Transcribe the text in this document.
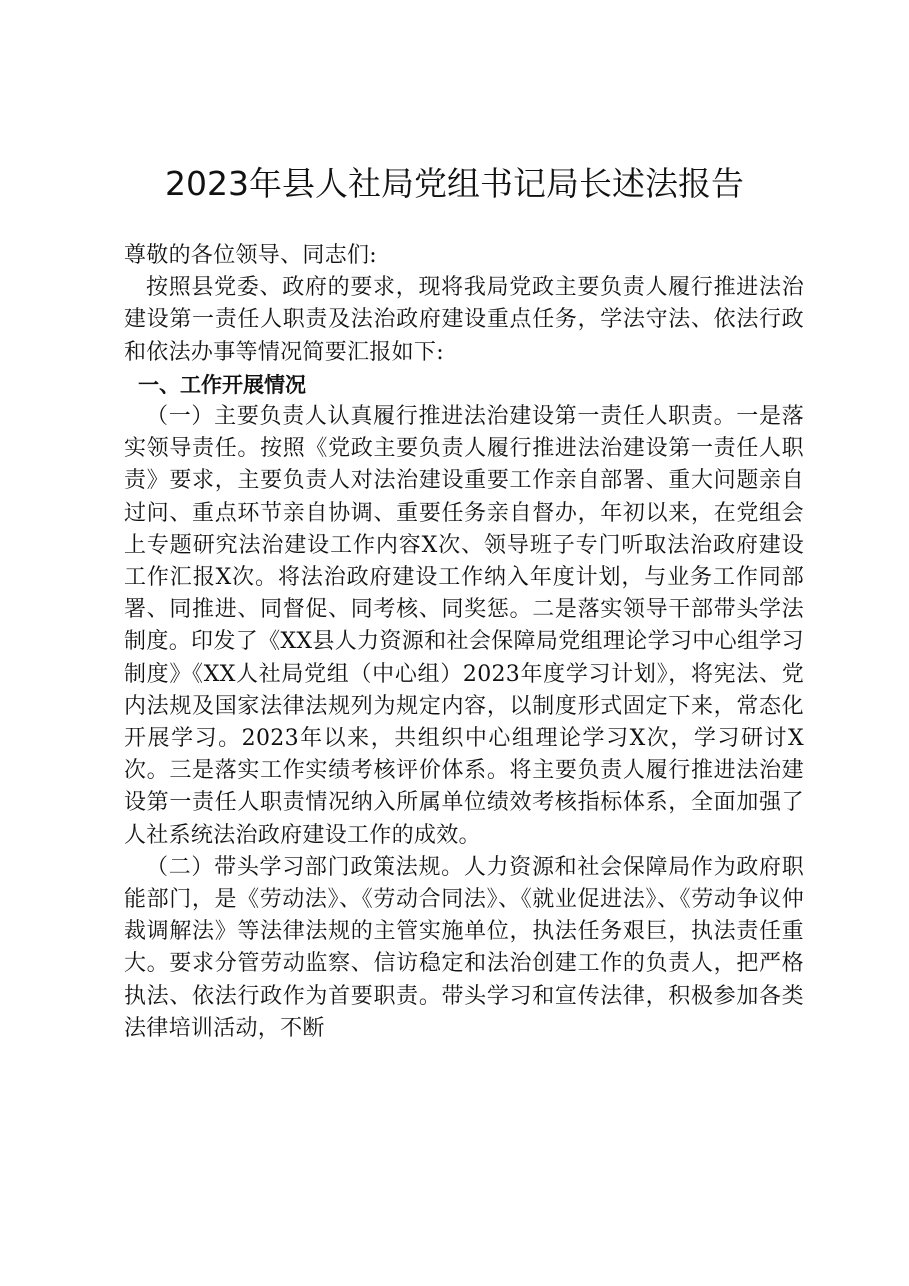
2023年县人社局党组书记局长述法报告

尊敬的各位领导、同志们:

按照县党委、政府的要求，现将我局党政主要负责人履行推进法治建设第一责任人职责及法治政府建设重点任务，学法守法、依法行政和依法办事等情况简要汇报如下:

一、工作开展情况

（一）主要负责人认真履行推进法治建设第一责任人职责。一是落实领导责任。按照《党政主要负责人履行推进法治建设第一责任人职责》要求，主要负责人对法治建设重要工作亲自部署、重大问题亲自过问、重点环节亲自协调、重要任务亲自督办，年初以来，在党组会上专题研究法治建设工作内容X次、领导班子专门听取法治政府建设工作汇报X次。将法治政府建设工作纳入年度计划，与业务工作同部署、同推进、同督促、同考核、同奖惩。二是落实领导干部带头学法制度。印发了《XX县人力资源和社会保障局党组理论学习中心组学习制度》《XX人社局党组（中心组）2023年度学习计划》，将宪法、党内法规及国家法律法规列为规定内容，以制度形式固定下来，常态化开展学习。2023年以来，共组织中心组理论学习X次，学习研讨X次。三是落实工作实绩考核评价体系。将主要负责人履行推进法治建设第一责任人职责情况纳入所属单位绩效考核指标体系，全面加强了人社系统法治政府建设工作的成效。

（二）带头学习部门政策法规。人力资源和社会保障局作为政府职能部门，是《劳动法》、《劳动合同法》、《就业促进法》、《劳动争议仲裁调解法》等法律法规的主管实施单位，执法任务艰巨，执法责任重大。要求分管劳动监察、信访稳定和法治创建工作的负责人，把严格执法、依法行政作为首要职责。带头学习和宣传法律，积极参加各类法律培训活动，不断
